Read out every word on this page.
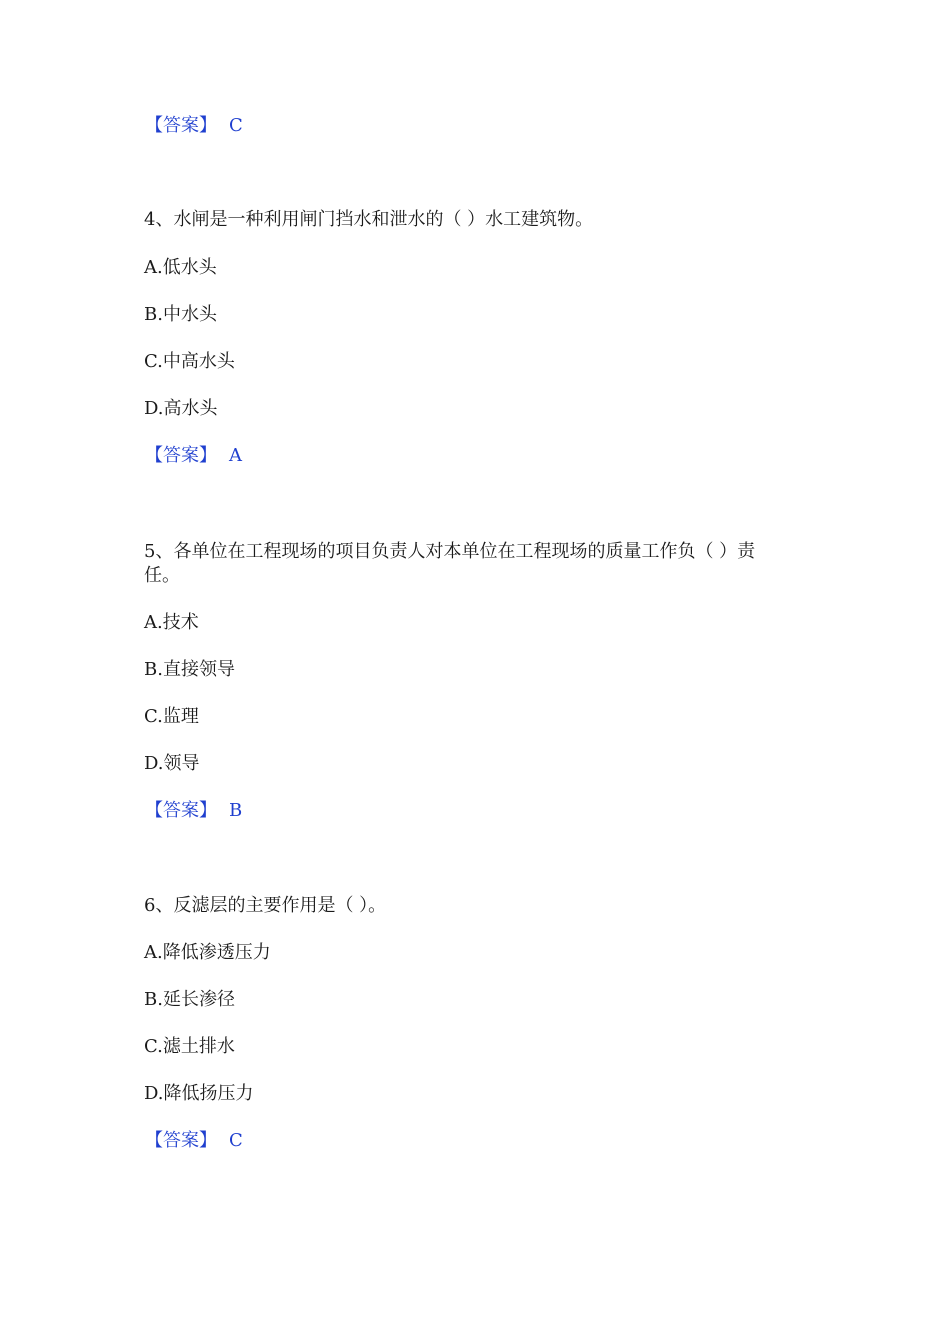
【答案】 C
4、水闸是一种利用闸门挡水和泄水的（ ）水工建筑物。
A.低水头
B.中水头
C.中高水头
D.高水头
【答案】 A
5、各单位在工程现场的项目负责人对本单位在工程现场的质量工作负（ ）责
任。
A.技术
B.直接领导
C.监理
D.领导
【答案】 B
6、反滤层的主要作用是（ ）。
A.降低渗透压力
B.延长渗径
C.滤土排水
D.降低扬压力
【答案】 C
